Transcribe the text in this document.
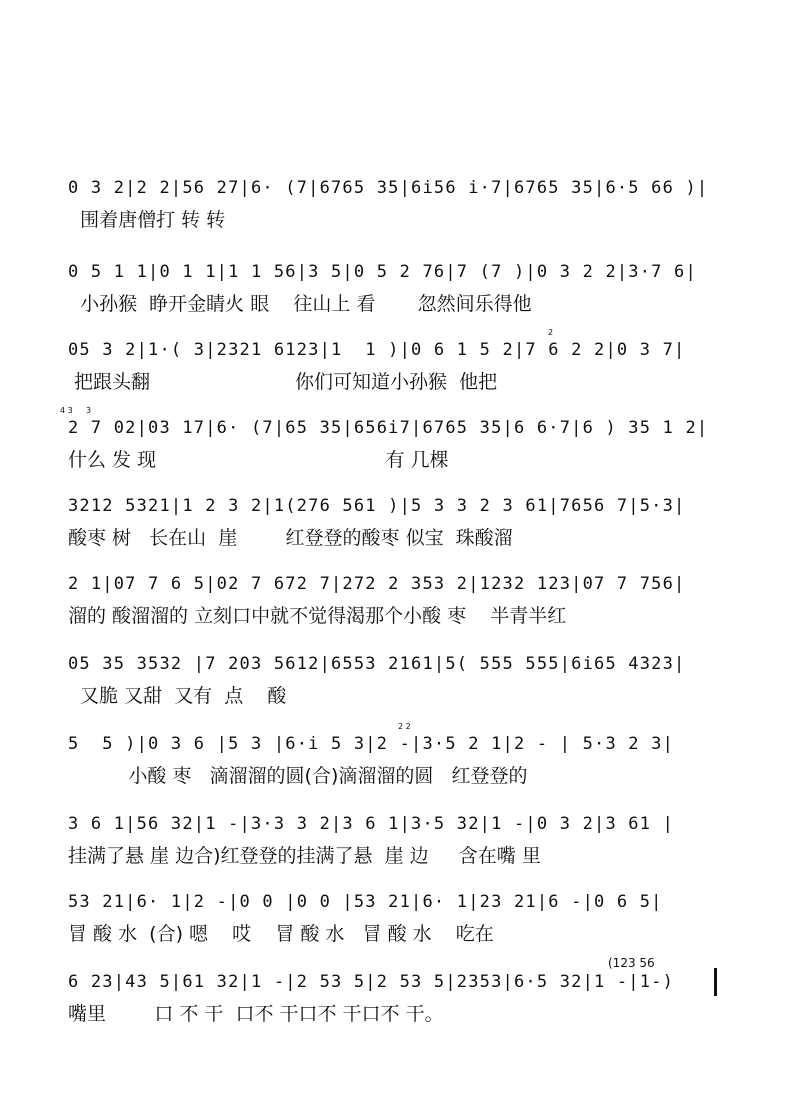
0 3 2|2 2|56 27|6· (7|6765 35|6i56 i·7|6765 35|6·5 66 )|
围着唐僧打 转 转
0 5 1 1|0 1 1|1 1 56|3 5|0 5 2 76|7 (7 )|0 3 2 2|3·7 6|
小孙猴  睁开金睛火 眼    往山上 看       忽然间乐得他
2
05 3 2|1·( 3|2321 6123|1  1 )|0 6 1 5 2|7 6 2 2|0 3 7|
把跟头翻                        你们可知道小孙猴  他把
4 3 3
2 7 02|03 17|6· (7|65 35|656i7|6765 35|6 6·7|6 ) 35 1 2|
什么 发 现                                      有 几棵
3212 5321|1 2 3 2|1(276 561 )|5 3 3 2 3 61|7656 7|5·3|
酸枣 树   长在山  崖        红登登的酸枣 似宝  珠酸溜
2 1|07 7 6 5|02 7 672 7|272 2 353 2|1232 123|07 7 756|
溜的 酸溜溜的 立刻口中就不觉得渴那个小酸 枣    半青半红
05 35 3532 |7 203 5612|6553 2161|5( 555 555|6i65 4323|
又脆 又甜  又有  点    酸
2 2
5  5 )|0 3 6 |5 3 |6·i 5 3|2 -|3·5 2 1|2 - | 5·3 2 3|
小酸 枣   滴溜溜的圆(合)滴溜溜的圆   红登登的
3 6 1|56 32|1 -|3·3 3 2|3 6 1|3·5 32|1 -|0 3 2|3 61 |
挂满了悬 崖 边合)红登登的挂满了悬  崖 边     含在嘴 里
53 21|6· 1|2 -|0 0 |0 0 |53 21|6· 1|23 21|6 -|0 6 5|
冒 酸 水  (合) 嗯    哎    冒 酸 水   冒 酸 水    吃在
(123 56
6 23|43 5|61 32|1 -|2 53 5|2 53 5|2353|6·5 32|1 -|1-)
嘴里        口 不 干  口不 干口不 干口不 干。
